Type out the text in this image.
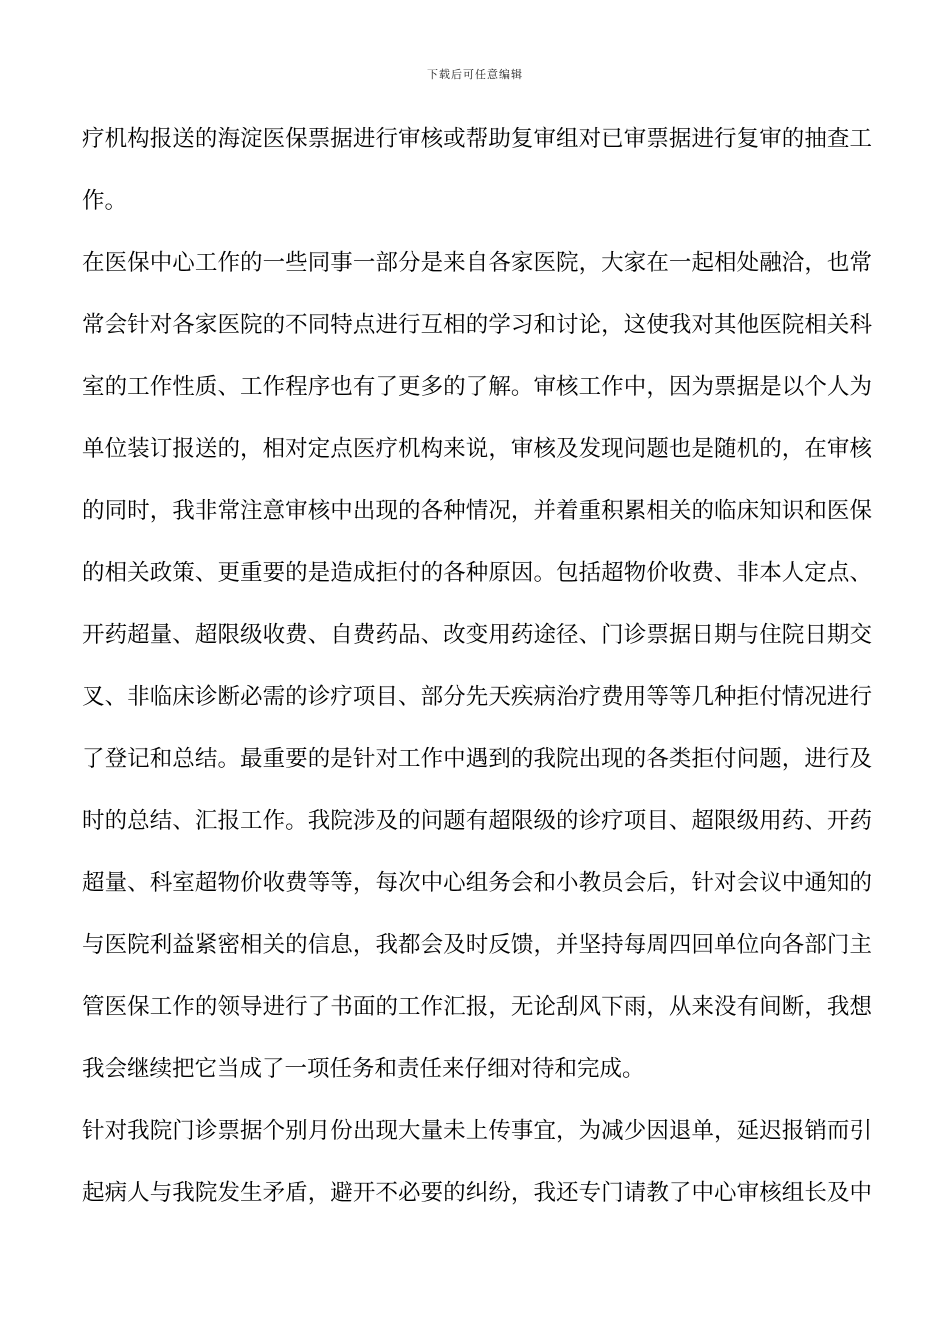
下载后可任意编辑
疗机构报送的海淀医保票据进行审核或帮助复审组对已审票据进行复审的抽查工
作。
在医保中心工作的一些同事一部分是来自各家医院，大家在一起相处融洽，也常
常会针对各家医院的不同特点进行互相的学习和讨论，这使我对其他医院相关科
室的工作性质、工作程序也有了更多的了解。审核工作中，因为票据是以个人为
单位装订报送的，相对定点医疗机构来说，审核及发现问题也是随机的，在审核
的同时，我非常注意审核中出现的各种情况，并着重积累相关的临床知识和医保
的相关政策、更重要的是造成拒付的各种原因。包括超物价收费、非本人定点、
开药超量、超限级收费、自费药品、改变用药途径、门诊票据日期与住院日期交
叉、非临床诊断必需的诊疗项目、部分先天疾病治疗费用等等几种拒付情况进行
了登记和总结。最重要的是针对工作中遇到的我院出现的各类拒付问题，进行及
时的总结、汇报工作。我院涉及的问题有超限级的诊疗项目、超限级用药、开药
超量、科室超物价收费等等，每次中心组务会和小教员会后，针对会议中通知的
与医院利益紧密相关的信息，我都会及时反馈，并坚持每周四回单位向各部门主
管医保工作的领导进行了书面的工作汇报，无论刮风下雨，从来没有间断，我想
我会继续把它当成了一项任务和责任来仔细对待和完成。
针对我院门诊票据个别月份出现大量未上传事宜，为减少因退单，延迟报销而引
起病人与我院发生矛盾，避开不必要的纠纷，我还专门请教了中心审核组长及中
